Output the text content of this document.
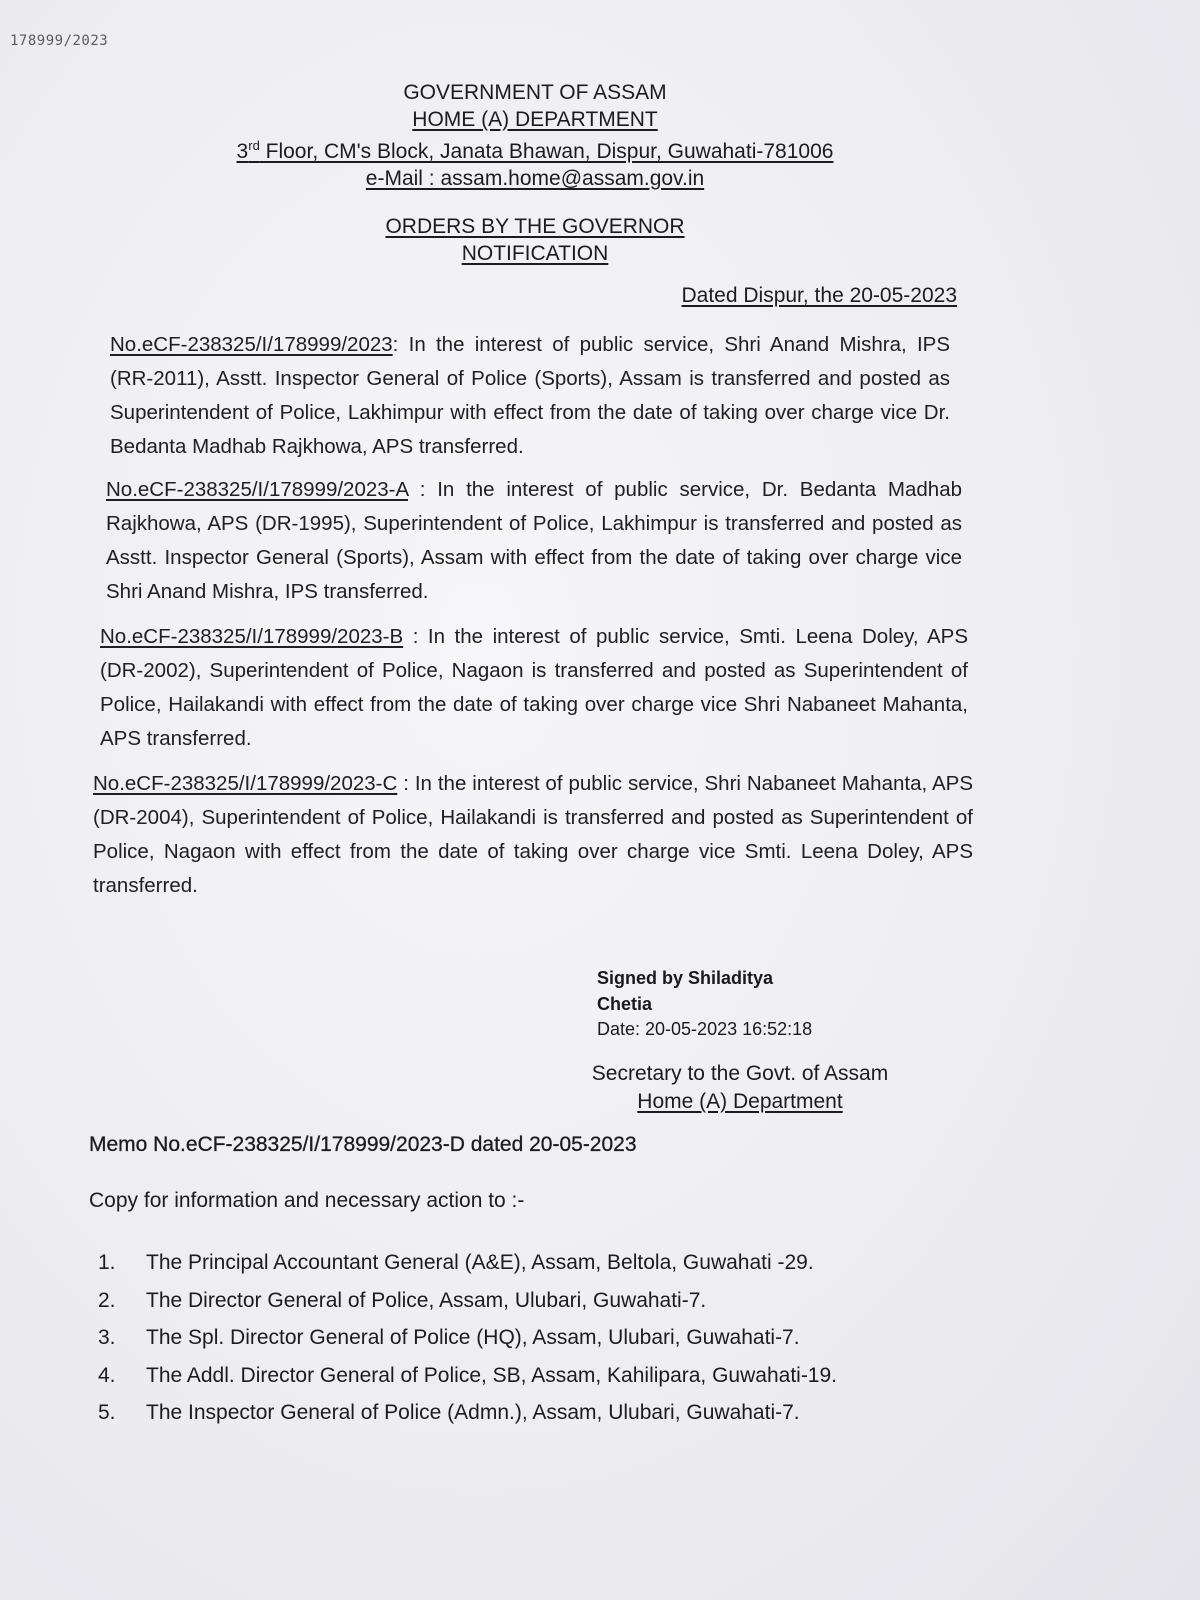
178999/2023
GOVERNMENT OF ASSAM
HOME (A) DEPARTMENT
3rd Floor, CM's Block, Janata Bhawan, Dispur, Guwahati-781006
e-Mail : assam.home@assam.gov.in
ORDERS BY THE GOVERNOR
NOTIFICATION
Dated Dispur, the 20-05-2023
No.eCF-238325/I/178999/2023: In the interest of public service, Shri Anand Mishra, IPS (RR-2011), Asstt. Inspector General of Police (Sports), Assam is transferred and posted as Superintendent of Police, Lakhimpur with effect from the date of taking over charge vice Dr. Bedanta Madhab Rajkhowa, APS transferred.
No.eCF-238325/I/178999/2023-A : In the interest of public service, Dr. Bedanta Madhab Rajkhowa, APS (DR-1995), Superintendent of Police, Lakhimpur is transferred and posted as Asstt. Inspector General (Sports), Assam with effect from the date of taking over charge vice Shri Anand Mishra, IPS transferred.
No.eCF-238325/I/178999/2023-B : In the interest of public service, Smti. Leena Doley, APS (DR-2002), Superintendent of Police, Nagaon is transferred and posted as Superintendent of Police, Hailakandi with effect from the date of taking over charge vice Shri Nabaneet Mahanta, APS transferred.
No.eCF-238325/I/178999/2023-C : In the interest of public service, Shri Nabaneet Mahanta, APS (DR-2004), Superintendent of Police, Hailakandi is transferred and posted as Superintendent of Police, Nagaon with effect from the date of taking over charge vice Smti. Leena Doley, APS transferred.
Signed by Shiladitya
Chetia
Date: 20-05-2023 16:52:18
Secretary to the Govt. of Assam
Home (A) Department
Memo No.eCF-238325/I/178999/2023-D dated 20-05-2023
Copy for information and necessary action to :-
1.	The Principal Accountant General (A&E), Assam, Beltola, Guwahati -29.
2.	The Director General of Police, Assam, Ulubari, Guwahati-7.
3.	The Spl. Director General of Police (HQ), Assam, Ulubari, Guwahati-7.
4.	The Addl. Director General of Police, SB, Assam, Kahilipara, Guwahati-19.
5.	The Inspector General of Police (Admn.), Assam, Ulubari, Guwahati-7.
